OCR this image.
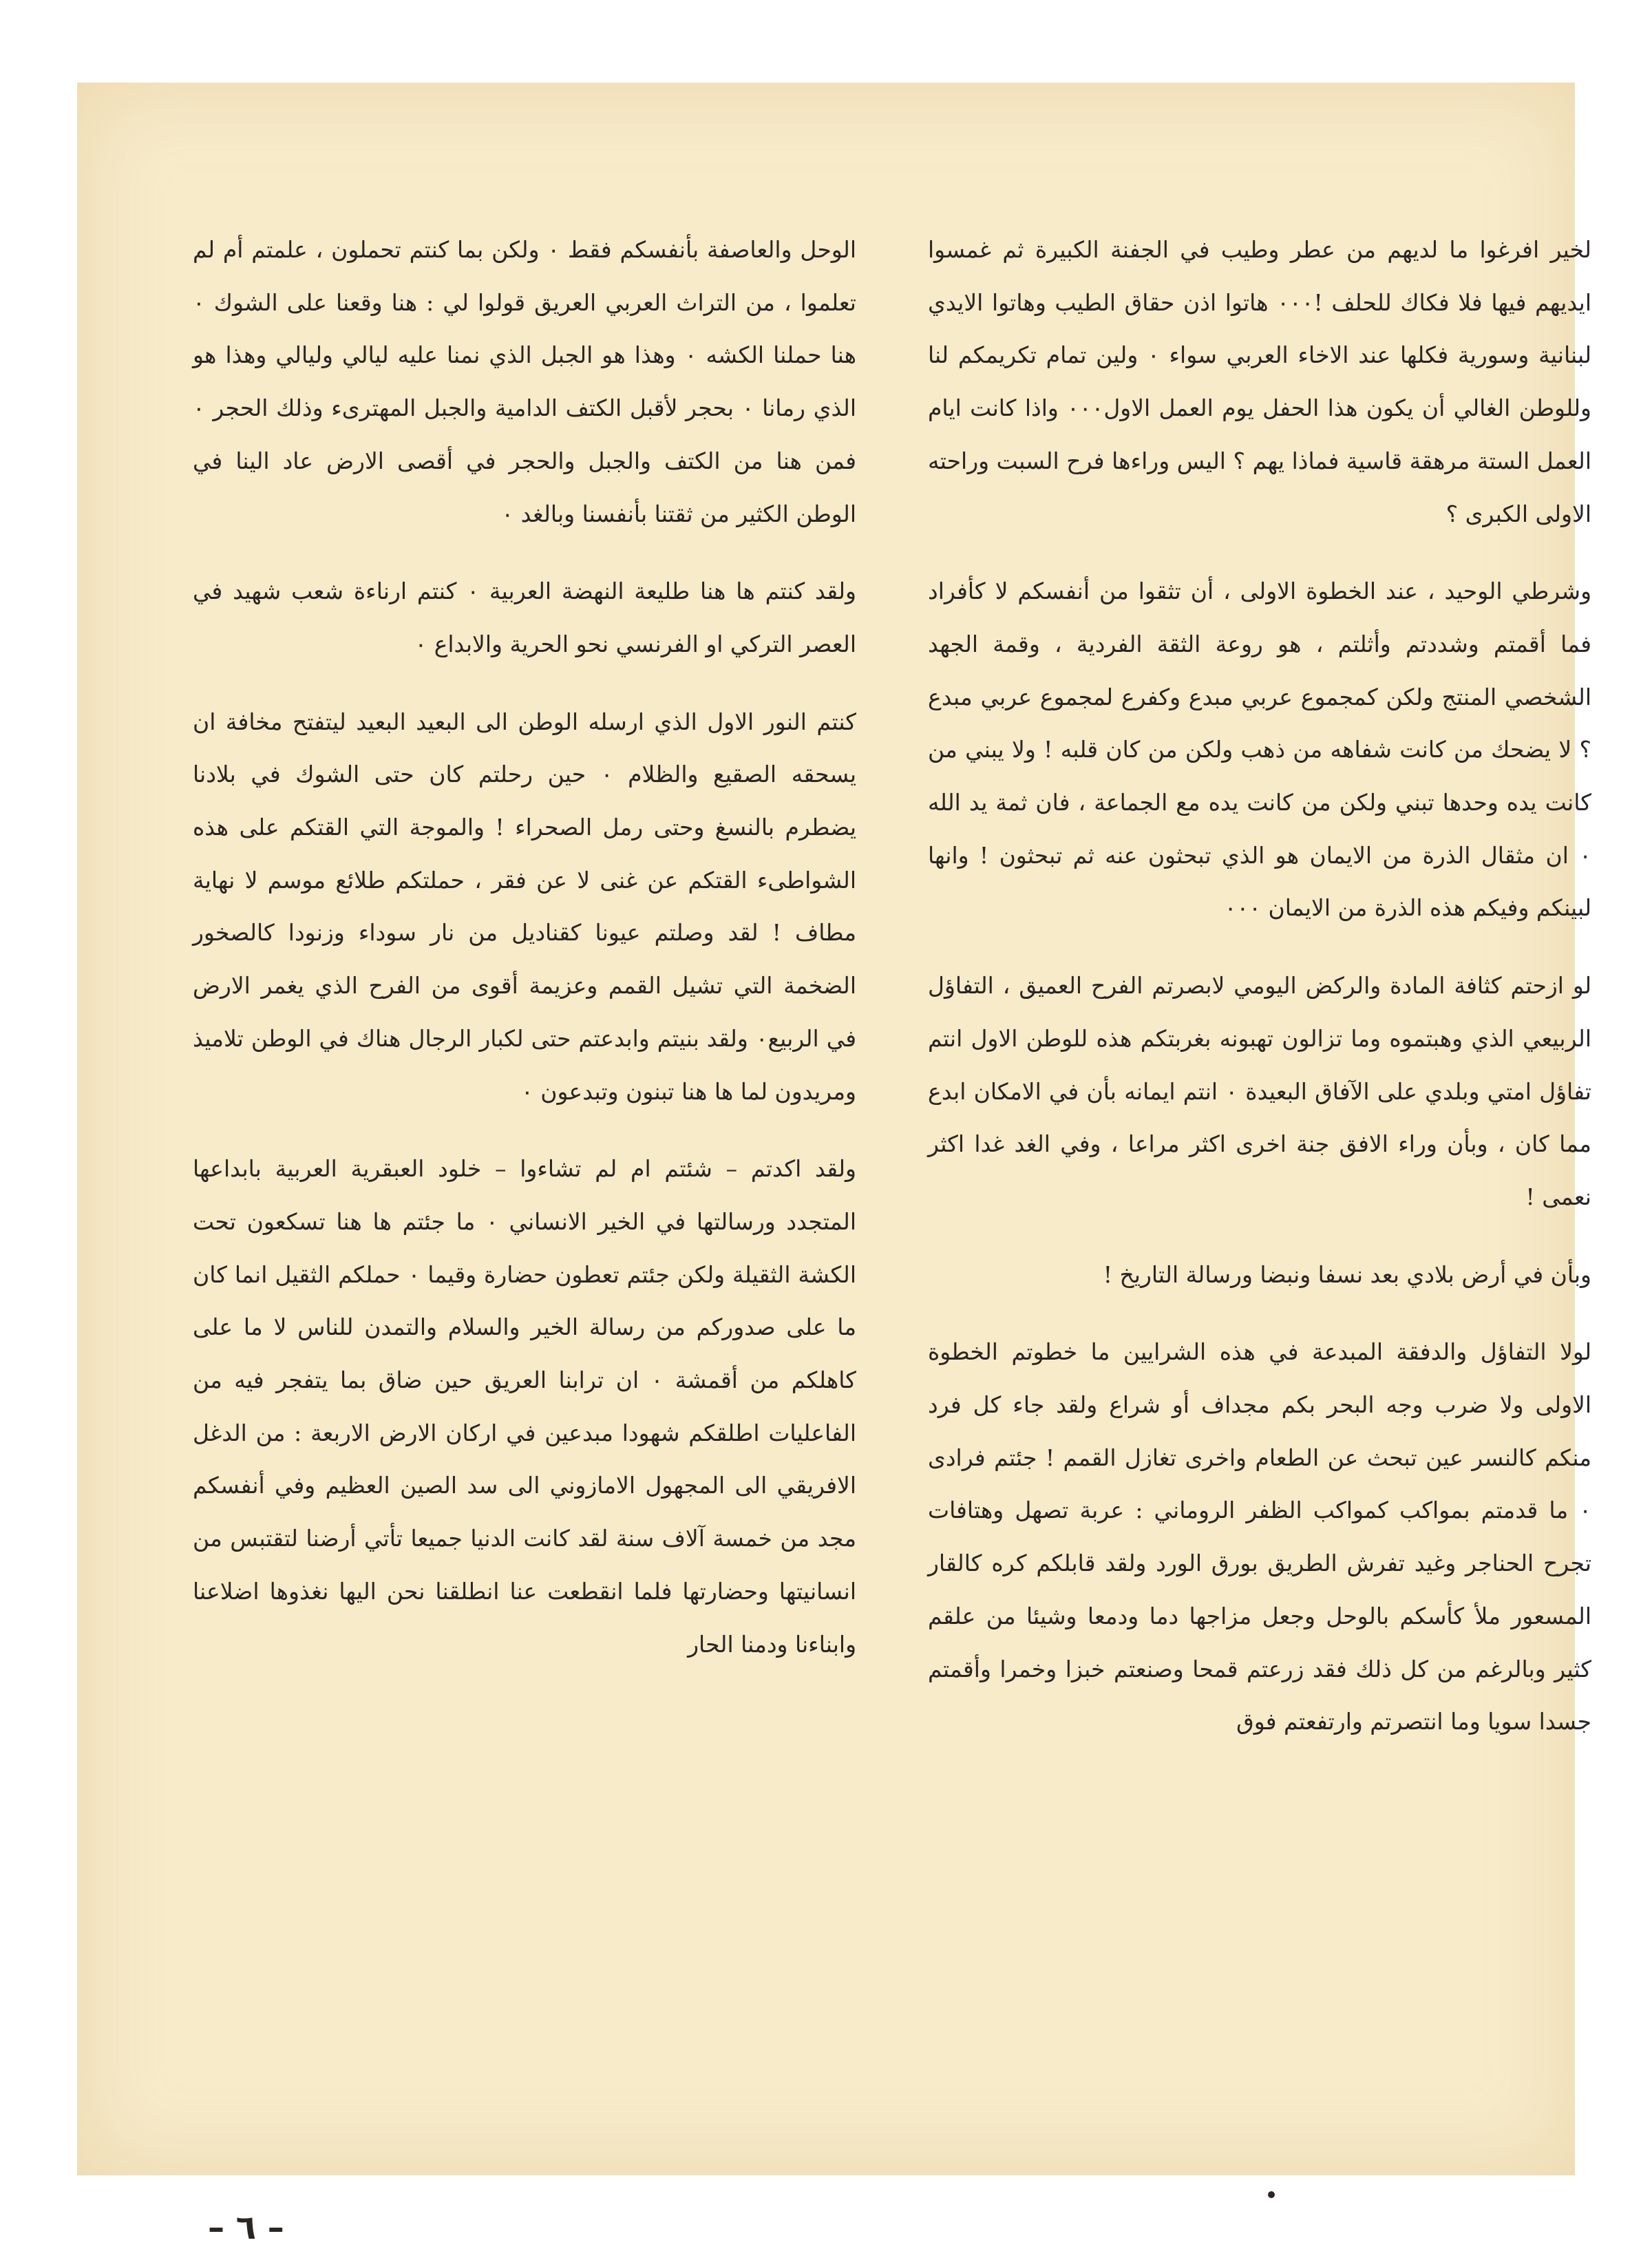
لخير افرغوا ما لديهم من عطر وطيب في الجفنة الكبيرة ثم غمسوا ايديهم فيها فلا فكاك للحلف !٠٠٠ هاتوا اذن حقاق الطيب وهاتوا الايدي لبنانية وسورية فكلها عند الاخاء العربي سواء ٠ ولين تمام تكريمكم لنا وللوطن الغالي أن يكون هذا الحفل يوم العمل الاول٠٠٠ واذا كانت ايام العمل الستة مرهقة قاسية فماذا يهم ؟ اليس وراءها فرح السبت وراحته الاولى الكبرى ؟

وشرطي الوحيد ، عند الخطوة الاولى ، أن تثقوا من أنفسكم لا كأفراد فما أقمتم وشددتم وأثلتم ، هو روعة الثقة الفردية ، وقمة الجهد الشخصي المنتج ولكن كمجموع عربي مبدع وكفرع لمجموع عربي مبدع ؟ لا يضحك من كانت شفاهه من ذهب ولكن من كان قلبه ! ولا يبني من كانت يده وحدها تبني ولكن من كانت يده مع الجماعة ، فان ثمة يد الله ٠ ان مثقال الذرة من الايمان هو الذي تبحثون عنه ثم تبحثون ! وانها لبينكم وفيكم هذه الذرة من الايمان ٠٠٠

لو ازحتم كثافة المادة والركض اليومي لابصرتم الفرح العميق ، التفاؤل الربيعي الذي وهبتموه وما تزالون تهبونه بغربتكم هذه للوطن الاول انتم تفاؤل امتي وبلدي على الآفاق البعيدة ٠ انتم ايمانه بأن في الامكان ابدع مما كان ، وبأن وراء الافق جنة اخرى اكثر مراعا ، وفي الغد غدا اكثر نعمى !

وبأن في أرض بلادي بعد نسفا ونبضا ورسالة التاريخ !

لولا التفاؤل والدفقة المبدعة في هذه الشرايين ما خطوتم الخطوة الاولى ولا ضرب وجه البحر بكم مجداف أو شراع ولقد جاء كل فرد منكم كالنسر عين تبحث عن الطعام واخرى تغازل القمم ! جئتم فرادى ٠ ما قدمتم بمواكب كمواكب الظفر الروماني : عربة تصهل وهتافات تجرح الحناجر وغيد تفرش الطريق بورق الورد ولقد قابلكم كره كالقار المسعور ملأ كأسكم بالوحل وجعل مزاجها دما ودمعا وشيئا من علقم كثير وبالرغم من كل ذلك فقد زرعتم قمحا وصنعتم خبزا وخمرا وأقمتم جسدا سويا وما انتصرتم وارتفعتم فوق

الوحل والعاصفة بأنفسكم فقط ٠ ولكن بما كنتم تحملون ، علمتم أم لم تعلموا ، من التراث العربي العريق قولوا لي : هنا وقعنا على الشوك ٠ هنا حملنا الكشه ٠ وهذا هو الجبل الذي نمنا عليه ليالي وليالي وهذا هو الذي رمانا ٠ بحجر لأقبل الكتف الدامية والجبل المهترىء وذلك الحجر ٠ فمن هنا من الكتف والجبل والحجر في أقصى الارض عاد الينا في الوطن الكثير من ثقتنا بأنفسنا وبالغد ٠

ولقد كنتم ها هنا طليعة النهضة العربية ٠ كنتم ارناءة شعب شهيد في العصر التركي او الفرنسي نحو الحرية والابداع ٠

كنتم النور الاول الذي ارسله الوطن الى البعيد البعيد ليتفتح مخافة ان يسحقه الصقيع والظلام ٠ حين رحلتم كان حتى الشوك في بلادنا يضطرم بالنسغ وحتى رمل الصحراء ! والموجة التي القتكم على هذه الشواطىء القتكم عن غنى لا عن فقر ، حملتكم طلائع موسم لا نهاية مطاف ! لقد وصلتم عيونا كقناديل من نار سوداء وزنودا كالصخور الضخمة التي تشيل القمم وعزيمة أقوى من الفرح الذي يغمر الارض في الربيع٠ ولقد بنيتم وابدعتم حتى لكبار الرجال هناك في الوطن تلاميذ ومريدون لما ها هنا تبنون وتبدعون ٠

ولقد اكدتم – شئتم ام لم تشاءوا – خلود العبقرية العربية بابداعها المتجدد ورسالتها في الخير الانساني ٠ ما جئتم ها هنا تسكعون تحت الكشة الثقيلة ولكن جئتم تعطون حضارة وقيما ٠ حملكم الثقيل انما كان ما على صدوركم من رسالة الخير والسلام والتمدن للناس لا ما على كاهلكم من أقمشة ٠ ان ترابنا العريق حين ضاق بما يتفجر فيه من الفاعليات اطلقكم شهودا مبدعين في اركان الارض الاربعة : من الدغل الافريقي الى المجهول الامازوني الى سد الصين العظيم وفي أنفسكم مجد من خمسة آلاف سنة لقد كانت الدنيا جميعا تأتي أرضنا لتقتبس من انسانيتها وحضارتها فلما انقطعت عنا انطلقنا نحن اليها نغذوها اضلاعنا وابناءنا ودمنا الحار

– ٦ –
